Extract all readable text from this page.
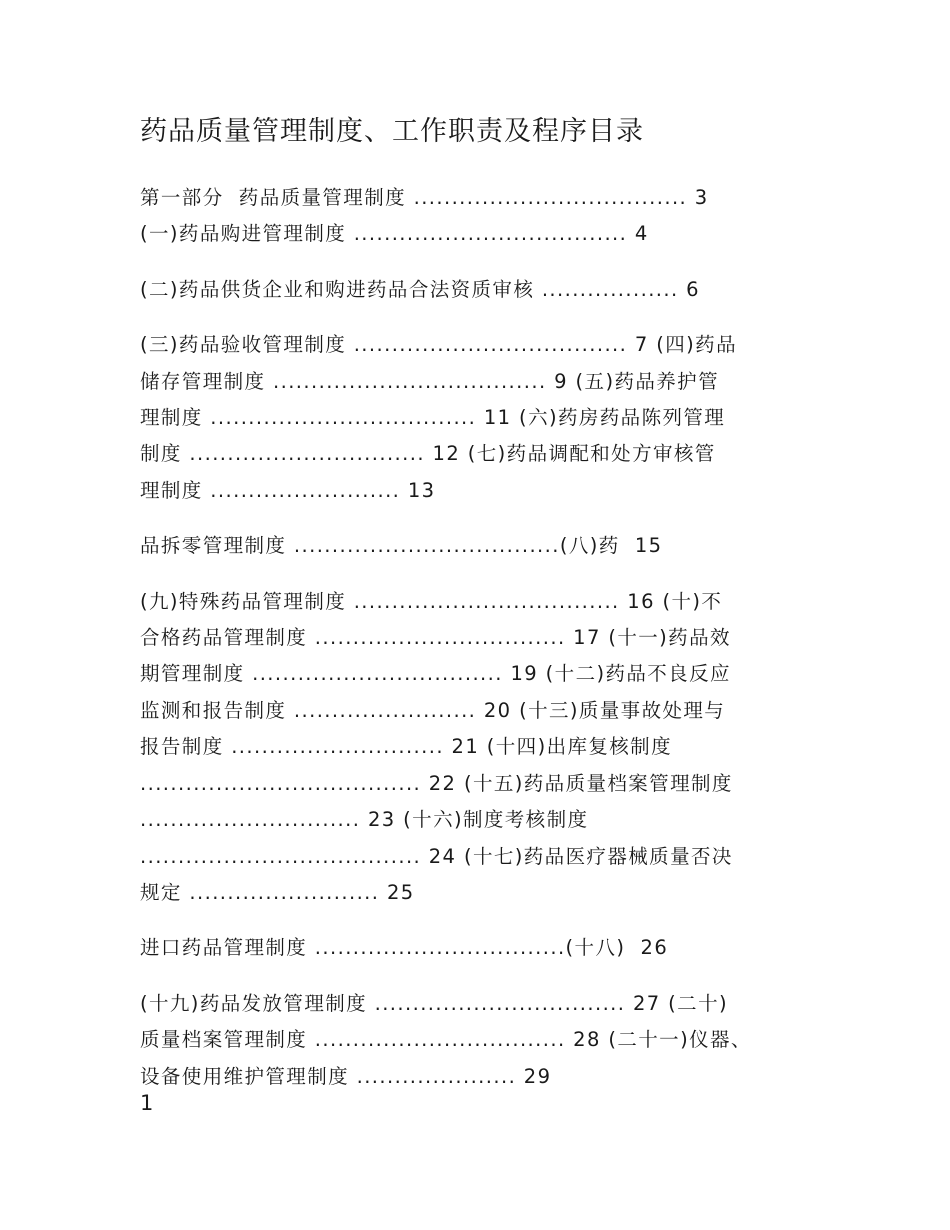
药品质量管理制度、工作职责及程序目录
第一部分  药品质量管理制度 .................................... 3
(一)药品购进管理制度 .................................... 4
(二)药品供货企业和购进药品合法资质审核 .................. 6
(三)药品验收管理制度 .................................... 7 (四)药品
储存管理制度 .................................... 9 (五)药品养护管
理制度 ................................... 11 (六)药房药品陈列管理
制度 ............................... 12 (七)药品调配和处方审核管
理制度 ......................... 13
品拆零管理制度 ...................................(八)药  15
(九)特殊药品管理制度 ................................... 16 (十)不
合格药品管理制度 ................................. 17 (十一)药品效
期管理制度 ................................. 19 (十二)药品不良反应
监测和报告制度 ........................ 20 (十三)质量事故处理与
报告制度 ............................ 21 (十四)出库复核制度
..................................... 22 (十五)药品质量档案管理制度
............................. 23 (十六)制度考核制度
..................................... 24 (十七)药品医疗器械质量否决
规定 ......................... 25
进口药品管理制度 .................................(十八)  26
(十九)药品发放管理制度 ................................. 27 (二十)
质量档案管理制度 ................................. 28 (二十一)仪器、
设备使用维护管理制度 ..................... 29
1
